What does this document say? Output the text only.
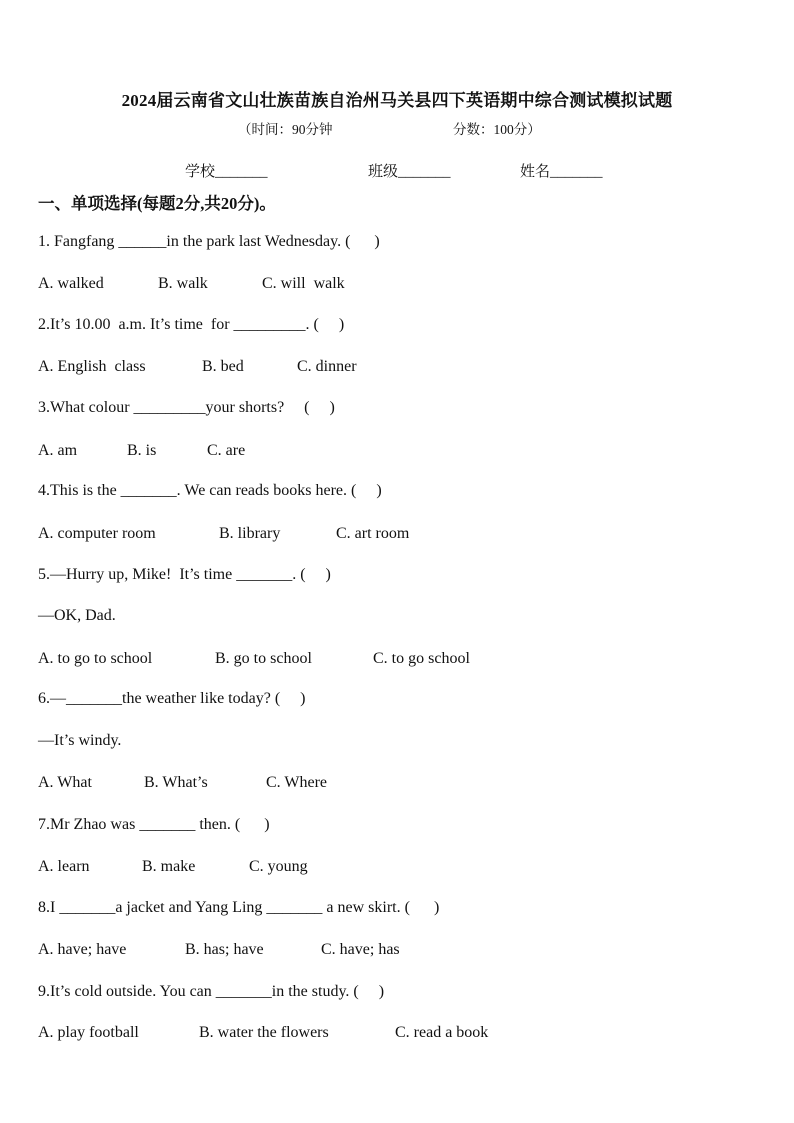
2024届云南省文山壮族苗族自治州马关县四下英语期中综合测试模拟试题
（时间：90分钟	分数：100分）
学校_______	班级_______	姓名_______
一、单项选择(每题2分,共20分)。
1. Fangfang ______in the park last Wednesday. (      )
A. walked	B. walk	C. will  walk
2.It’s 10.00  a.m. It’s time  for _________. (     )
A. English  class	B. bed	C. dinner
3.What colour _________your shorts?     (     )
A. am	B. is	C. are
4.This is the _______. We can reads books here. (     )
A. computer room	B. library	C. art room
5.—Hurry up, Mike!  It’s time _______. (     )
—OK, Dad.
A. to go to school	B. go to school	C. to go school
6.—_______the weather like today? (     )
—It’s windy.
A. What	B. What’s	C. Where
7.Mr Zhao was _______ then. (      )
A. learn	B. make	C. young
8.I _______a jacket and Yang Ling _______ a new skirt. (      )
A. have; have	B. has; have	C. have; has
9.It’s cold outside. You can _______in the study. (     )
A. play football	B. water the flowers	C. read a book
